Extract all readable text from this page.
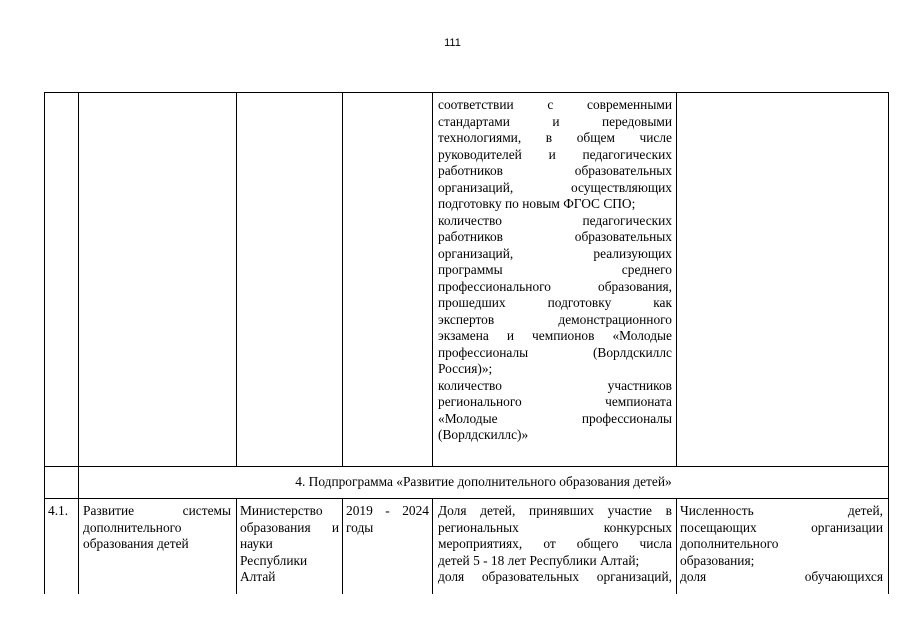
111
соответствии с современными
стандартами и передовыми
технологиями, в общем числе
руководителей и педагогических
работников образовательных
организаций, осуществляющих
подготовку по новым ФГОС СПО;
количество педагогических
работников образовательных
организаций, реализующих
программы среднего
профессионального образования,
прошедших подготовку как
экспертов демонстрационного
экзамена и чемпионов «Молодые
профессионалы (Ворлдскиллс
Россия)»;
количество участников
регионального чемпионата
«Молодые профессионалы
(Ворлдскиллс)»
4. Подпрограмма «Развитие дополнительного образования детей»
4.1.	Развитие системы
дополнительного
образования детей
Министерство
образования и
науки
Республики
Алтай
2019 - 2024
годы
Доля детей, принявших участие в
региональных конкурсных
мероприятиях, от общего числа
детей 5 - 18 лет Республики Алтай;
доля образовательных организаций,
Численность детей,
посещающих организации
дополнительного
образования;
доля обучающихся
